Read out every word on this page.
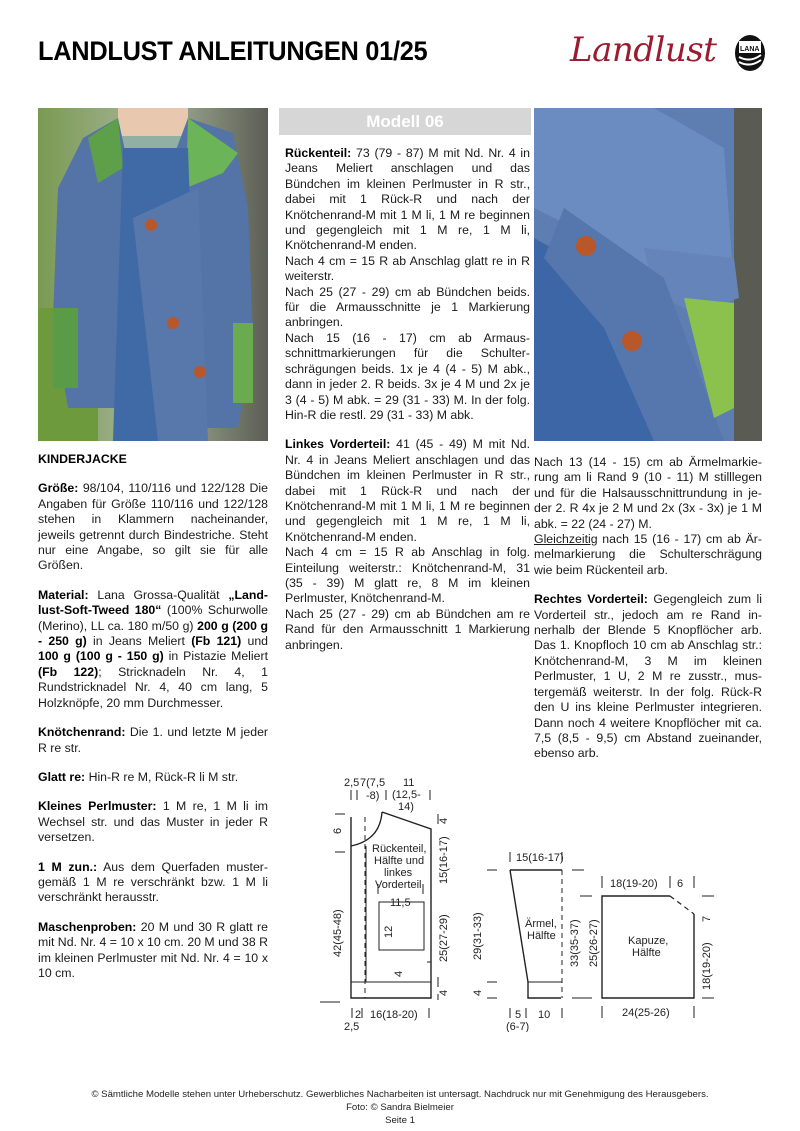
LANDLUST ANLEITUNGEN 01/25	Landlust	LANA
Modell 06
KINDERJACKE

Größe: 98/104, 110/116 und 122/128 Die Angaben für Größe 110/116 und 122/128 stehen in Klammern nacheinander, jeweils getrennt durch Bindestriche. Steht nur eine Angabe, so gilt sie für alle Größen.

Material: Lana Grossa-Qualität „Landlust-Soft-Tweed 180“ (100% Schurwolle (Merino), LL ca. 180 m/50 g) 200 g (200 g - 250 g) in Jeans Meliert (Fb 121) und 100 g (100 g - 150 g) in Pistazie Meliert (Fb 122); Stricknadeln Nr. 4, 1 Rundstricknadel Nr. 4, 40 cm lang, 5 Holzknöpfe, 20 mm Durchmesser.

Knötchenrand: Die 1. und letzte M jeder R re str.

Glatt re: Hin-R re M, Rück-R li M str.

Kleines Perlmuster: 1 M re, 1 M li im Wechsel str. und das Muster in jeder R versetzen.

1 M zun.: Aus dem Querfaden mustergemäß 1 M re verschränkt bzw. 1 M li verschränkt herausstr.

Maschenproben: 20 M und 30 R glatt re mit Nd. Nr. 4 = 10 x 10 cm. 20 M und 38 R im kleinen Perlmuster mit Nd. Nr. 4 = 10 x 10 cm.

Rückenteil: 73 (79 - 87) M mit Nd. Nr. 4 in Jeans Meliert anschlagen und das Bündchen im kleinen Perlmuster in R str., dabei mit 1 Rück-R und nach der Knötchenrand-M mit 1 M li, 1 M re beginnen und gegengleich mit 1 M re, 1 M li, Knötchenrand-M enden.

Nach 4 cm = 15 R ab Anschlag glatt re in R weiterstr.

Nach 25 (27 - 29) cm ab Bündchen beids. für die Armausschnitte je 1 Markierung anbringen.

Nach 15 (16 - 17) cm ab Armausschnittmarkierungen für die Schulterschrägungen beids. 1x je 4 (4 - 5) M abk., dann in jeder 2. R beids. 3x je 4 M und 2x je 3 (4 - 5) M abk. = 29 (31 - 33) M. In der folg. Hin-R die restl. 29 (31 - 33) M abk.

Linkes Vorderteil: 41 (45 - 49) M mit Nd. Nr. 4 in Jeans Meliert anschlagen und das Bündchen im kleinen Perlmuster in R str., dabei mit 1 Rück-R und nach der Knötchenrand-M mit 1 M li, 1 M re beginnen und gegengleich mit 1 M re, 1 M li, Knötchenrand-M enden.

Nach 4 cm = 15 R ab Anschlag in folg. Einteilung weiterstr.: Knötchenrand-M, 31 (35 - 39) M glatt re, 8 M im kleinen Perlmuster, Knötchenrand-M.

Nach 25 (27 - 29) cm ab Bündchen am re Rand für den Armausschnitt 1 Markierung anbringen.

Nach 13 (14 - 15) cm ab Ärmelmarkierung am li Rand 9 (10 - 11) M stilllegen und für die Halsausschnittrundung in jeder 2. R 4x je 2 M und 2x (3x - 3x) je 1 M abk. = 22 (24 - 27) M.

Gleichzeitig nach 15 (16 - 17) cm ab Ärmelmarkierung die Schulterschrägung wie beim Rückenteil arb.

Rechtes Vorderteil: Gegengleich zum li Vorderteil str., jedoch am re Rand innerhalb der Blende 5 Knopflöcher arb. Das 1. Knopfloch 10 cm ab Anschlag str.: Knötchenrand-M, 3 M im kleinen Perlmuster, 1 U, 2 M re zusstr., mustergemäß weiterstr. In der folg. Rück-R den U ins kleine Perlmuster integrieren. Dann noch 4 weitere Knopflöcher mit ca. 7,5 (8,5 - 9,5) cm Abstand zueinander, ebenso arb.

2,5 7(7,5
-8)
11
(12,5-
14)
6
4
15(16-17)
42(45-48)	25(27-29)
4
Rückenteil,
Hälfte und
linkes
Vorderteil
11,5
12
4
2 16(18-20)
2,5
15(16-17)
29(31-33)
4
33(35-37)
Ärmel,
Hälfte
5
(6-7)
10
18(19-20) 6
7
25(26-27)	18(19-20)
Kapuze,
Hälfte
24(25-26)
© Sämtliche Modelle stehen unter Urheberschutz. Gewerbliches Nacharbeiten ist untersagt. Nachdruck nur mit Genehmigung des Herausgebers.
Foto: © Sandra Bielmeier
Seite 1
